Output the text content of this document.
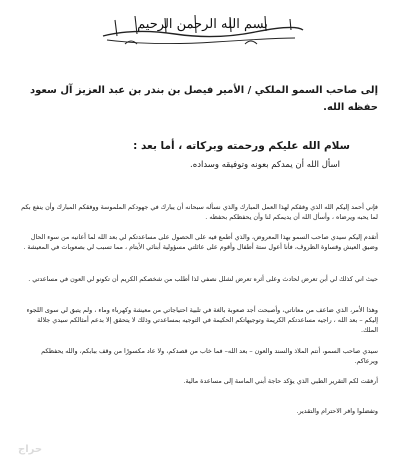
بسم الله الرحمن الرحيم
إلى صاحب السمو الملكي / الأمير فيصل بن بندر بن عبد العزيز آل سعود
حفظه الله.
سلام الله عليكم ورحمته وبركاته ، أما بعد :
اسأل الله أن يمدكم بعونه وتوفيقه وسداده.
فإني أحمد إليكم الله الذي وفقكم لهذا العمل المبارك والذي نسأله سبحانه أن يبارك في جهودكم الملموسة ووفقكم المبارك وأن ينفع بكم لما يحبه ويرضاه ، وأسأل الله أن يديمكم لنا وأن يحفظكم بحفظه .
أتقدم إليكم سيدي صاحب السمو بهذا المعروض، والذي أطمع فيه على الحصول على مساعدتكم لي بعد الله لما أعانيه من سوء الحال وضيق العيش وقساوة الظروف، فأنا أعول ستة أطفال وأقوم على عائلتي مسؤولية أبنائي الأيتام ، مما تسبب لي بصعوبات في المعيشة .
حيث اني كذلك لي أبن تعرض لحادث وعلى أثره تعرض لشلل نصفي لذا أطلب من شخصكم الكريم أن تكونو لي العون في مساعدتي .
وهذا الأمر، الذي ضاعف من معاناتي، وأصبحت أجد صعوبة بالغة في تلبية احتياجاتي من معيشة وكهرباء وماء ، ولم يتبق لي سوى اللجوء إليكم – بعد الله ، راجيه مساعدتكم الكريمة وتوجيهاتكم الحكيمة في التوجيه بمساعدتي وذلك لا يتحقق إلا بدعم أمثالكم سيدي جلالة الملك.
سيدي صاحب السمو، أنتم الملاذ والسند والعون – بعد الله– فما خاب من قصدكم، ولا عاد مكسورًا من وقف ببابكم، والله يحفظكم ويرعاكم.
أرفقت لكم التقرير الطبي الذي يؤكد حاجة أبني الماسة إلى مساعدة مالية.
وتفضلوا وافر الاحترام والتقدير.
حراج
